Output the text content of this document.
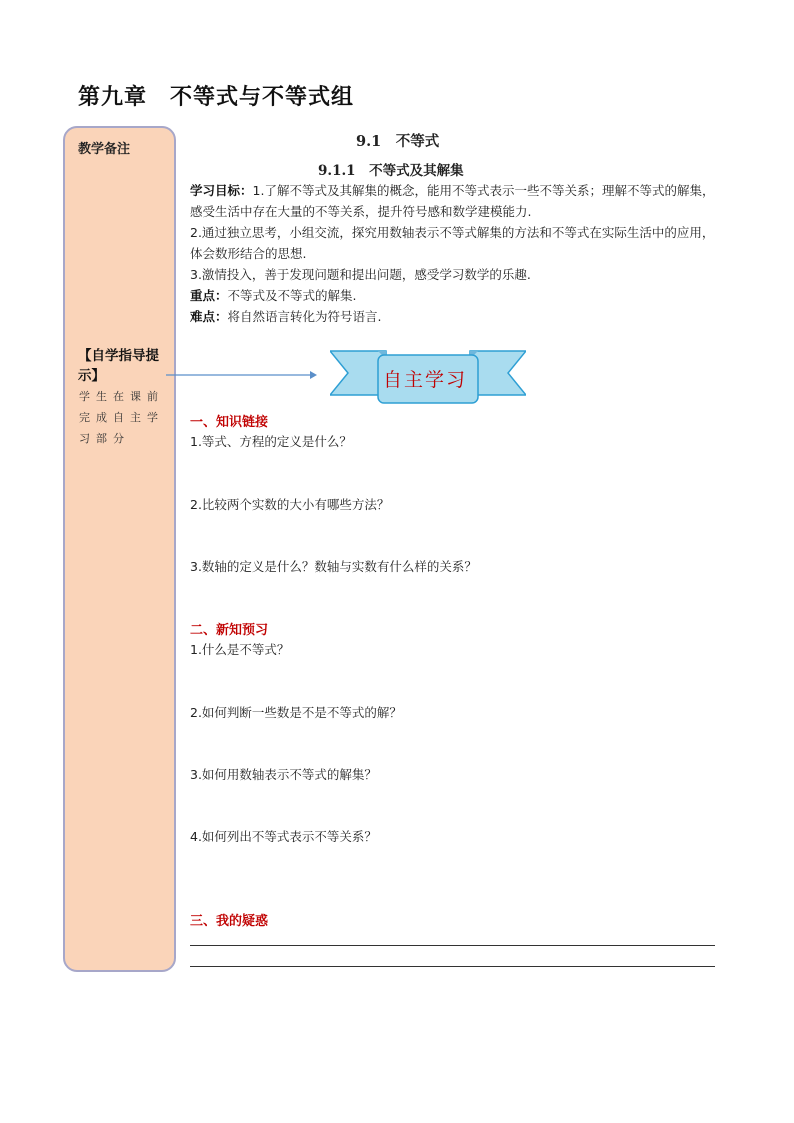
第九章　不等式与不等式组
教学备注
【自学指导提示】
学生在课前完成自主学习部分
9.1　不等式
9.1.1　不等式及其解集

学习目标：1.了解不等式及其解集的概念，能用不等式表示一些不等关系；理解不等式的解集，感受生活中存在大量的不等关系，提升符号感和数学建模能力.

2.通过独立思考，小组交流，探究用数轴表示不等式解集的方法和不等式在实际生活中的应用，体会数形结合的思想.

3.激情投入，善于发现问题和提出问题，感受学习数学的乐趣.

重点：不等式及不等式的解集.

难点：将自然语言转化为符号语言.

自主学习
一、知识链接
1.等式、方程的定义是什么？
2.比较两个实数的大小有哪些方法？
3.数轴的定义是什么？数轴与实数有什么样的关系？
二、新知预习
1.什么是不等式？
2.如何判断一些数是不是不等式的解？
3.如何用数轴表示不等式的解集？
4.如何列出不等式表示不等关系？
三、我的疑惑
